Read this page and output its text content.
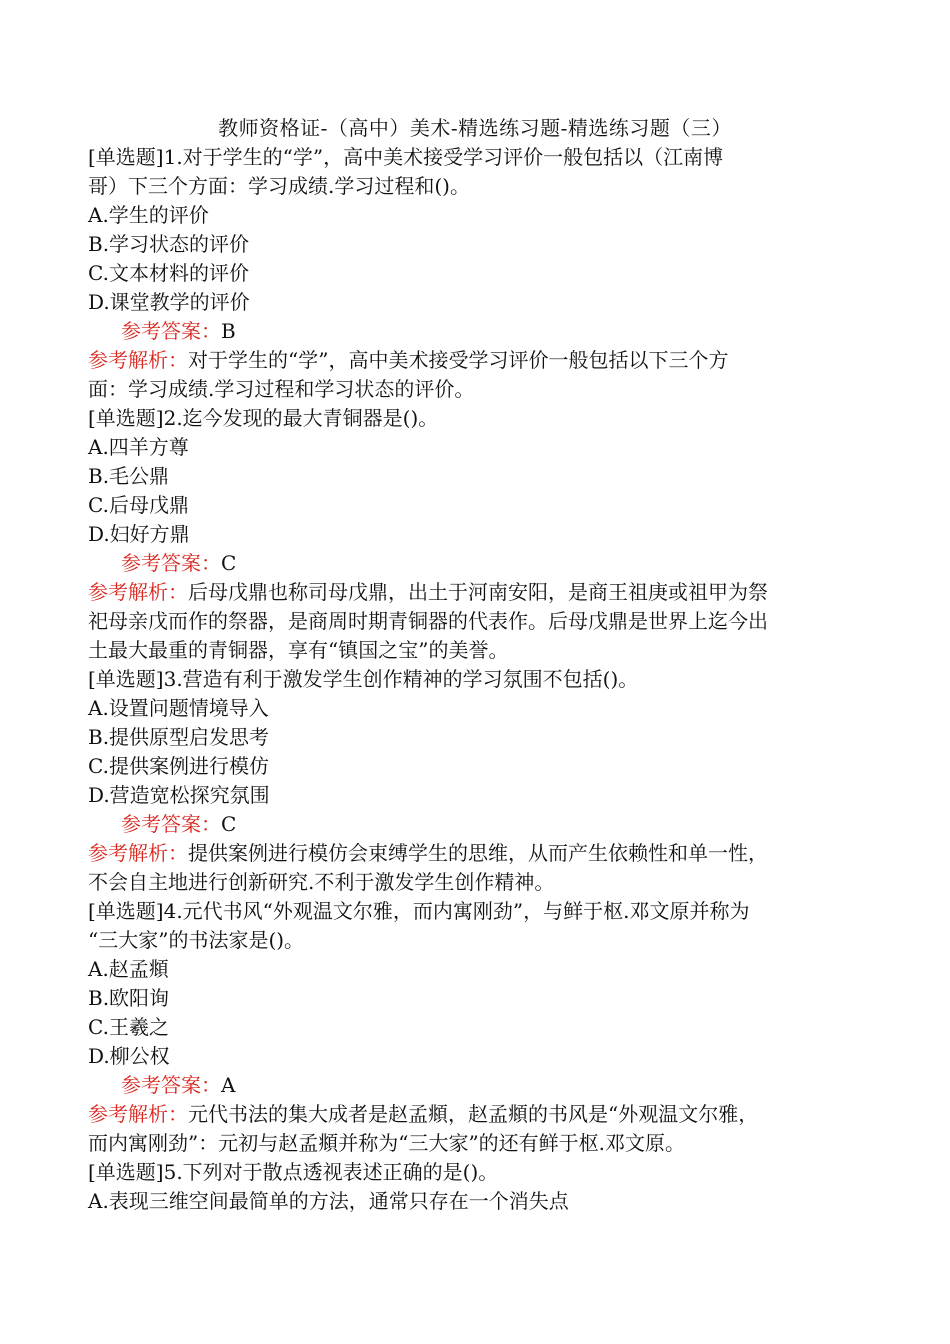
教师资格证-（高中）美术-精选练习题-精选练习题（三）
[单选题]1.对于学生的“学”，高中美术接受学习评价一般包括以（江南博
哥）下三个方面：学习成绩.学习过程和()。
A.学生的评价
B.学习状态的评价
C.文本材料的评价
D.课堂教学的评价
参考答案：B
参考解析：对于学生的“学”，高中美术接受学习评价一般包括以下三个方
面：学习成绩.学习过程和学习状态的评价。
[单选题]2.迄今发现的最大青铜器是()。
A.四羊方尊
B.毛公鼎
C.后母戊鼎
D.妇好方鼎
参考答案：C
参考解析：后母戊鼎也称司母戊鼎，出土于河南安阳，是商王祖庚或祖甲为祭
祀母亲戊而作的祭器，是商周时期青铜器的代表作。后母戊鼎是世界上迄今出
土最大最重的青铜器，享有“镇国之宝”的美誉。
[单选题]3.营造有利于激发学生创作精神的学习氛围不包括()。
A.设置问题情境导入
B.提供原型启发思考
C.提供案例进行模仿
D.营造宽松探究氛围
参考答案：C
参考解析：提供案例进行模仿会束缚学生的思维，从而产生依赖性和单一性，
不会自主地进行创新研究.不利于激发学生创作精神。
[单选题]4.元代书风“外观温文尔雅，而内寓刚劲”，与鲜于枢.邓文原并称为
“三大家”的书法家是()。
A.赵孟頫
B.欧阳询
C.王羲之
D.柳公权
参考答案：A
参考解析：元代书法的集大成者是赵孟頫，赵孟頫的书风是“外观温文尔雅，
而内寓刚劲”：元初与赵孟頫并称为“三大家”的还有鲜于枢.邓文原。
[单选题]5.下列对于散点透视表述正确的是()。
A.表现三维空间最简单的方法，通常只存在一个消失点
